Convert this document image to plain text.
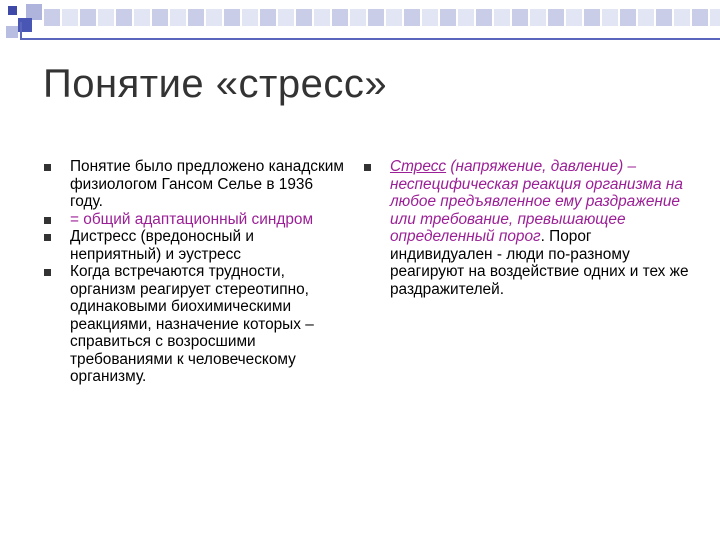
Понятие «стресс»
Понятие было предложено канадским физиологом Гансом Селье в 1936 году.
= общий адаптационный синдром
Дистресс (вредоносный и неприятный) и эустресс
Когда встречаются трудности, организм реагирует стереотипно, одинаковыми биохимическими реакциями, назначение которых – справиться с возросшими требованиями к человеческому организму.
Стресс (напряжение, давление) – неспецифическая реакция организма на любое предъявленное ему раздражение или требование, превышающее определенный порог. Порог индивидуален - люди по-разному реагируют на воздействие одних и тех же раздражителей.
